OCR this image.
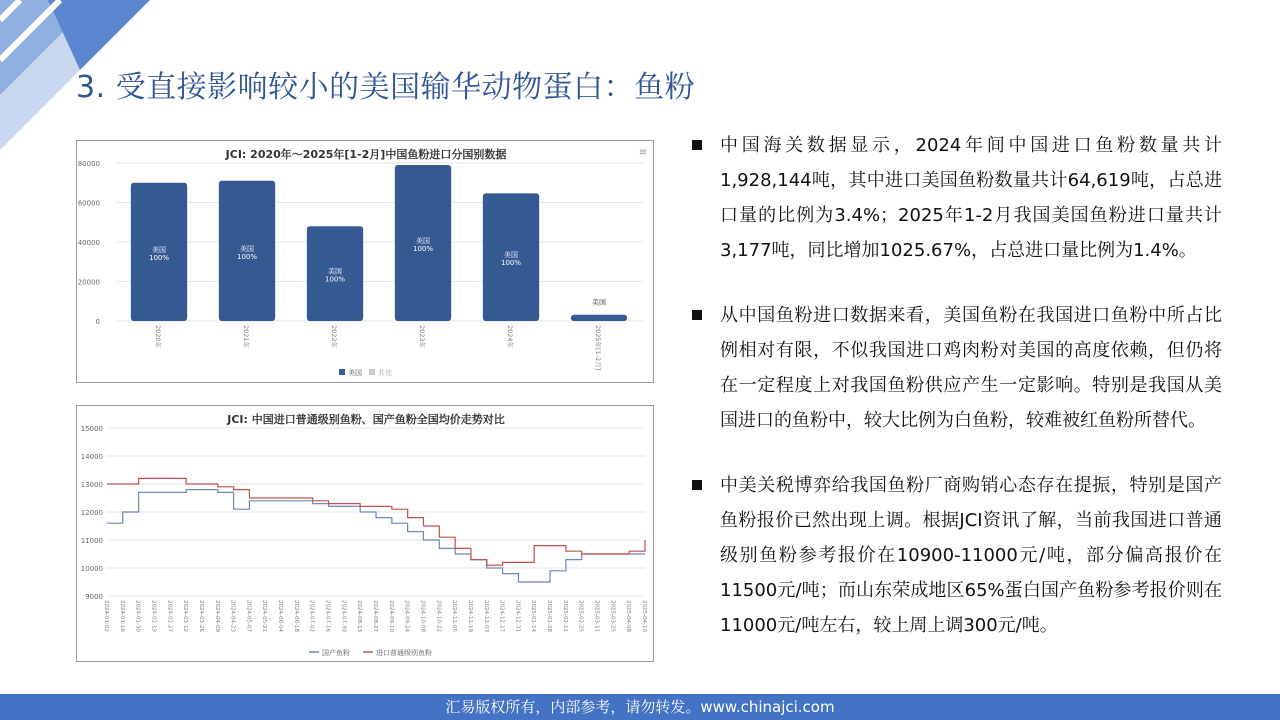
3. 受直接影响较小的美国输华动物蛋白：鱼粉
JCI: 2020年～2025年[1-2月]中国鱼粉进口分国别数据	≡
0
20000
40000
60000
80000
美国
100%
美国
100%
美国
100%
美国
100%
美国
100%
美国
100%
2020年	2021年	2022年	2023年	2024年	2025年[1-2月]
美国 其他
JCI: 中国进口普通级别鱼粉、国产鱼粉全国均价走势对比
9000
10000
11000
12000
13000
14000
15000
2024-01-02 2024-01-16 2024-01-30 2024-02-13 2024-02-27 2024-03-12 2024-03-26 2024-04-09 2024-04-23 2024-05-07 2024-05-21 2024-06-04 2024-06-18 2024-07-02 2024-07-16 2024-07-30 2024-08-13 2024-08-27 2024-09-10 2024-09-24 2024-10-08 2024-10-22 2024-11-05 2024-11-19 2024-12-03 2024-12-17 2024-12-31 2025-01-14 2025-01-28 2025-02-11 2025-02-25 2025-03-11 2025-03-25 2025-04-08 2025-04-10
国产鱼粉	进口普通级别鱼粉
中国海关数据显示，2024年间中国进口鱼粉数量共计1,928,144吨，其中进口美国鱼粉数量共计64,619吨，占总进口量的比例为3.4%；2025年1-2月我国美国鱼粉进口量共计3,177吨，同比增加1025.67%，占总进口量比例为1.4%。
从中国鱼粉进口数据来看，美国鱼粉在我国进口鱼粉中所占比例相对有限，不似我国进口鸡肉粉对美国的高度依赖，但仍将在一定程度上对我国鱼粉供应产生一定影响。特别是我国从美国进口的鱼粉中，较大比例为白鱼粉，较难被红鱼粉所替代。
中美关税博弈给我国鱼粉厂商购销心态存在提振，特别是国产鱼粉报价已然出现上调。根据JCI资讯了解，当前我国进口普通级别鱼粉参考报价在10900-11000元/吨，部分偏高报价在11500元/吨；而山东荣成地区65%蛋白国产鱼粉参考报价则在11000元/吨左右，较上周上调300元/吨。
汇易版权所有，内部参考，请勿转发。www.chinajci.com
